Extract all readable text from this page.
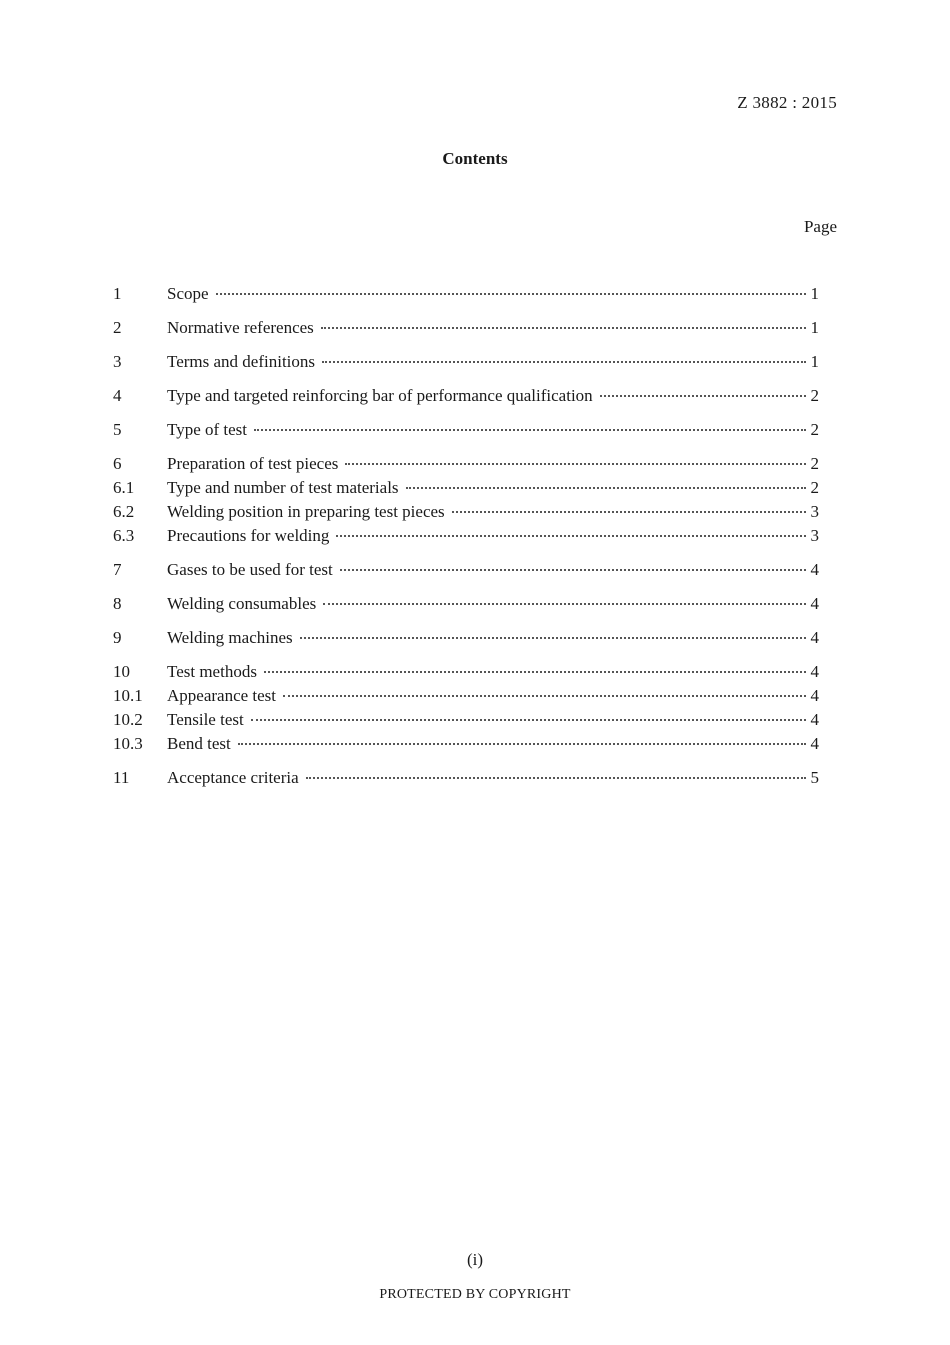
Z 3882 : 2015
Contents
Page
1	Scope	1
2	Normative references	1
3	Terms and definitions	1
4	Type and targeted reinforcing bar of performance qualification	2
5	Type of test	2
6	Preparation of test pieces	2
6.1	Type and number of test materials	2
6.2	Welding position in preparing test pieces	3
6.3	Precautions for welding	3
7	Gases to be used for test	4
8	Welding consumables	4
9	Welding machines	4
10	Test methods	4
10.1	Appearance test	4
10.2	Tensile test	4
10.3	Bend test	4
11	Acceptance criteria	5
(i)
PROTECTED BY COPYRIGHT
